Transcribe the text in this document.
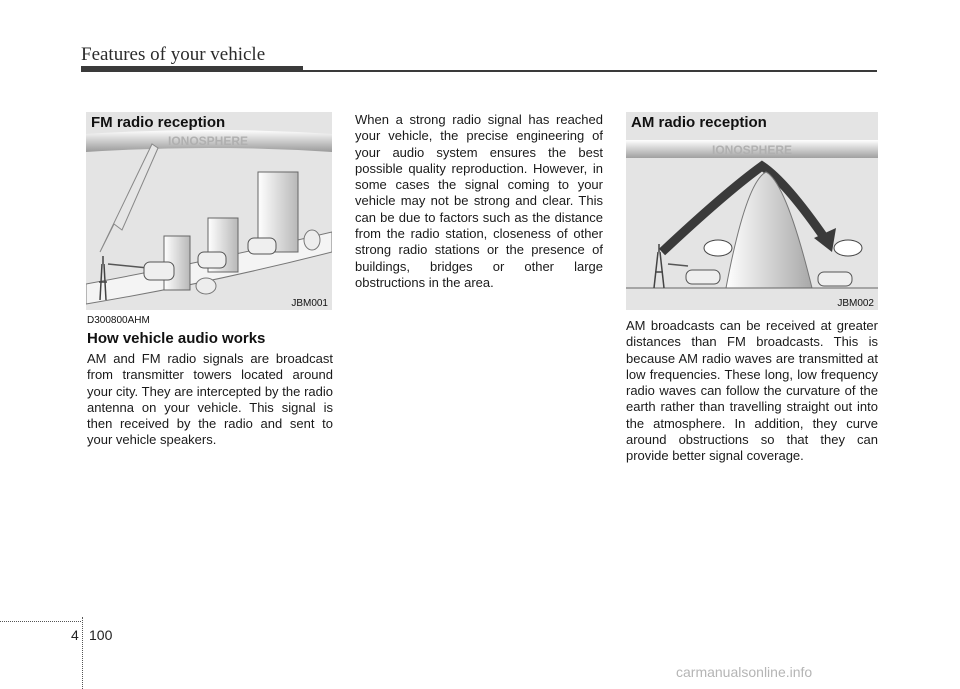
Features of your vehicle
IONOSPHERE
FM radio reception
JBM001
D300800AHM
How vehicle audio works
AM and FM radio signals are broadcast from transmitter towers located around your city. They are intercepted by the radio antenna on your vehicle. This signal is then received by the radio and sent to your vehicle speakers.
When a strong radio signal has reached your vehicle, the precise engineering of your audio system ensures the best possible quality reproduction. However, in some cases the signal coming to your vehicle may not be strong and clear. This can be due to factors such as the distance from the radio station, closeness of other strong radio stations or the presence of buildings, bridges or other large obstructions in the area.
IONOSPHERE
AM radio reception
JBM002
AM broadcasts can be received at greater distances than FM broadcasts. This is because AM radio waves are transmitted at low frequencies. These long, low frequency radio waves can follow the curvature of the earth rather than travelling straight out into the atmosphere. In addition, they curve around obstructions so that they can provide better signal coverage.
4 100
carmanualsonline.info
